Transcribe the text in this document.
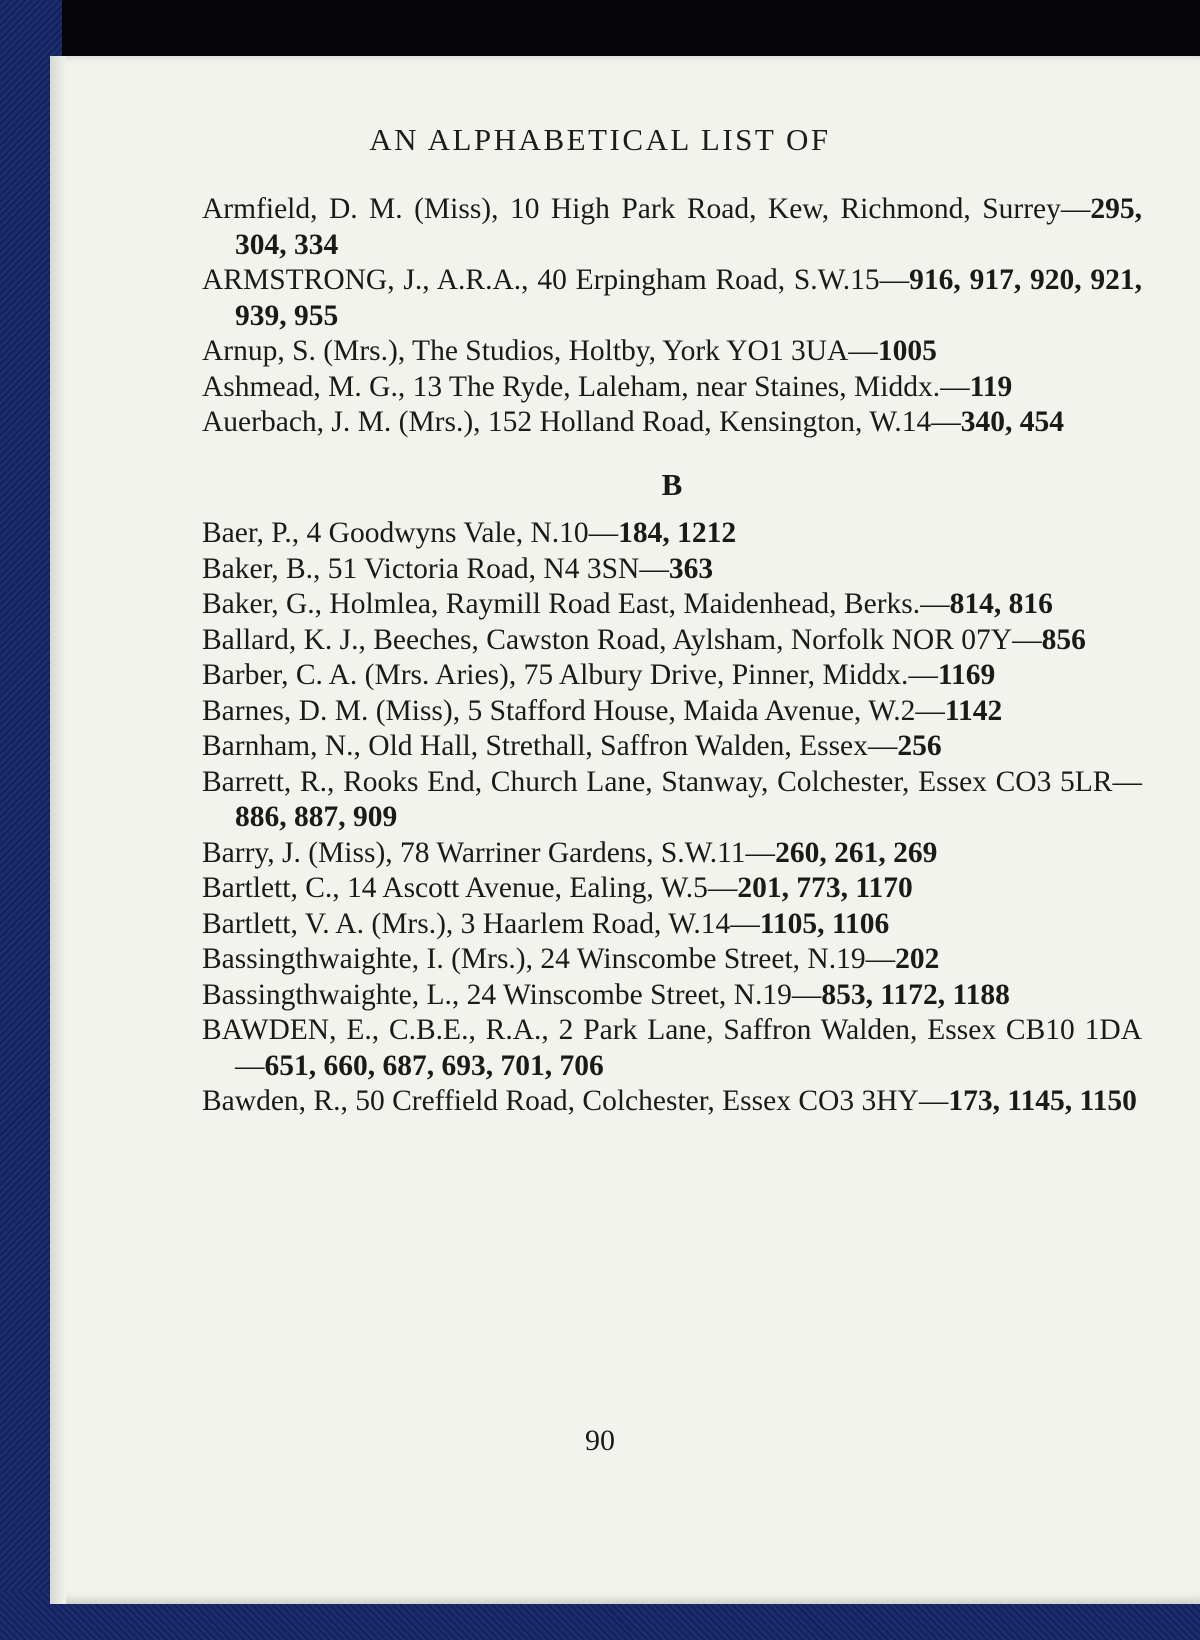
AN ALPHABETICAL LIST OF

Armfield, D. M. (Miss), 10 High Park Road, Kew, Richmond, Surrey—295, 304, 334

ARMSTRONG, J., A.R.A., 40 Erpingham Road, S.W.15—916, 917, 920, 921, 939, 955

Arnup, S. (Mrs.), The Studios, Holtby, York YO1 3UA—1005

Ashmead, M. G., 13 The Ryde, Laleham, near Staines, Middx.—119

Auerbach, J. M. (Mrs.), 152 Holland Road, Kensington, W.14—340, 454

B

Baer, P., 4 Goodwyns Vale, N.10—184, 1212

Baker, B., 51 Victoria Road, N4 3SN—363

Baker, G., Holmlea, Raymill Road East, Maidenhead, Berks.—814, 816

Ballard, K. J., Beeches, Cawston Road, Aylsham, Norfolk NOR 07Y—856

Barber, C. A. (Mrs. Aries), 75 Albury Drive, Pinner, Middx.—1169

Barnes, D. M. (Miss), 5 Stafford House, Maida Avenue, W.2—1142

Barnham, N., Old Hall, Strethall, Saffron Walden, Essex—256

Barrett, R., Rooks End, Church Lane, Stanway, Colchester, Essex CO3 5LR—886, 887, 909

Barry, J. (Miss), 78 Warriner Gardens, S.W.11—260, 261, 269

Bartlett, C., 14 Ascott Avenue, Ealing, W.5—201, 773, 1170

Bartlett, V. A. (Mrs.), 3 Haarlem Road, W.14—1105, 1106

Bassingthwaighte, I. (Mrs.), 24 Winscombe Street, N.19—202

Bassingthwaighte, L., 24 Winscombe Street, N.19—853, 1172, 1188

BAWDEN, E., C.B.E., R.A., 2 Park Lane, Saffron Walden, Essex CB10 1DA—651, 660, 687, 693, 701, 706

Bawden, R., 50 Creffield Road, Colchester, Essex CO3 3HY—173, 1145, 1150

90
